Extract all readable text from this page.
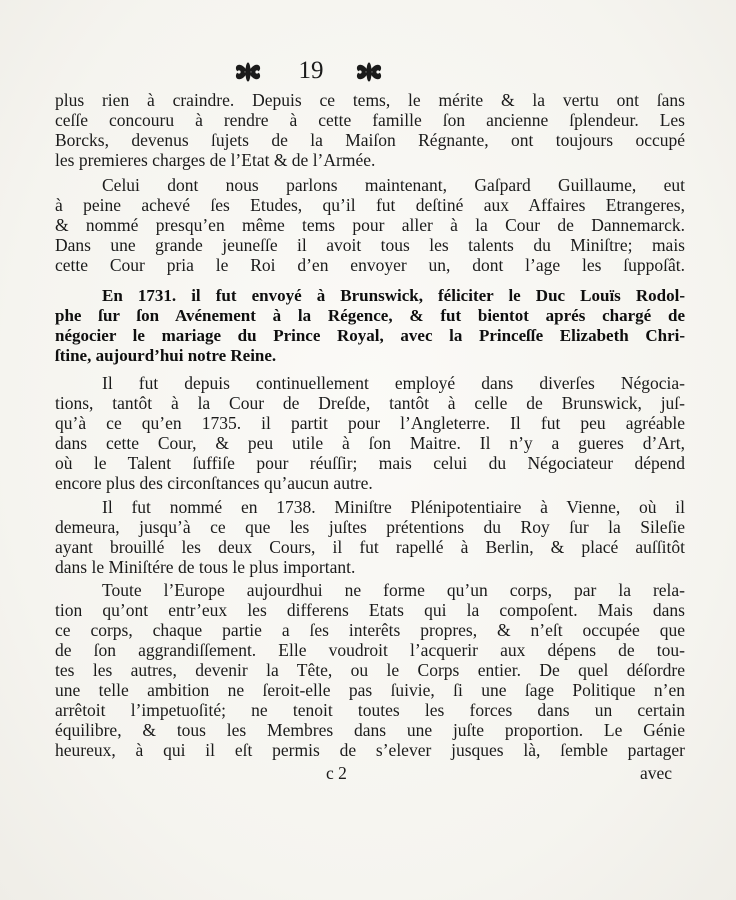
19
plus rien à craindre. Depuis ce tems, le mérite & la vertu ont ſans
ceſſe concouru à rendre à cette famille ſon ancienne ſplendeur. Les
Borcks, devenus ſujets de la Maiſon Régnante, ont toujours occupé
les premieres charges de l’Etat & de l’Armée.
Celui dont nous parlons maintenant, Gaſpard Guillaume, eut
à peine achevé ſes Etudes, qu’il fut deſtiné aux Affaires Etrangeres,
& nommé presqu’en même tems pour aller à la Cour de Dannemarck.
Dans une grande jeuneſſe il avoit tous les talents du Miniſtre; mais
cette Cour pria le Roi d’en envoyer un, dont l’age les ſuppoſât.
En 1731. il fut envoyé à Brunswick, féliciter le Duc Louïs Rodol-
phe ſur ſon Avénement à la Régence, & fut bientot aprés chargé de
négocier le mariage du Prince Royal, avec la Princeſſe Elizabeth Chri-
ſtine, aujourd’hui notre Reine.
Il fut depuis continuellement employé dans diverſes Négocia-
tions, tantôt à la Cour de Dreſde, tantôt à celle de Brunswick, juſ-
qu’à ce qu’en 1735. il partit pour l’Angleterre. Il fut peu agréable
dans cette Cour, & peu utile à ſon Maitre. Il n’y a gueres d’Art,
où le Talent ſuffiſe pour réuſſir; mais celui du Négociateur dépend
encore plus des circonſtances qu’aucun autre.
Il fut nommé en 1738. Miniſtre Plénipotentiaire à Vienne, où il
demeura, jusqu’à ce que les juſtes prétentions du Roy ſur la Sileſie
ayant brouillé les deux Cours, il fut rapellé à Berlin, & placé auſſitôt
dans le Miniſtére de tous le plus important.
Toute l’Europe aujourdhui ne forme qu’un corps, par la rela-
tion qu’ont entr’eux les differens Etats qui la compoſent. Mais dans
ce corps, chaque partie a ſes interêts propres, & n’eſt occupée que
de ſon aggrandiſſement. Elle voudroit l’acquerir aux dépens de tou-
tes les autres, devenir la Tête, ou le Corps entier. De quel déſordre
une telle ambition ne ſeroit-elle pas ſuivie, ſi une ſage Politique n’en
arrêtoit l’impetuoſité; ne tenoit toutes les forces dans un certain
équilibre, & tous les Membres dans une juſte proportion. Le Génie
heureux, à qui il eſt permis de s’elever jusques là, ſemble partager
c 2	avec
